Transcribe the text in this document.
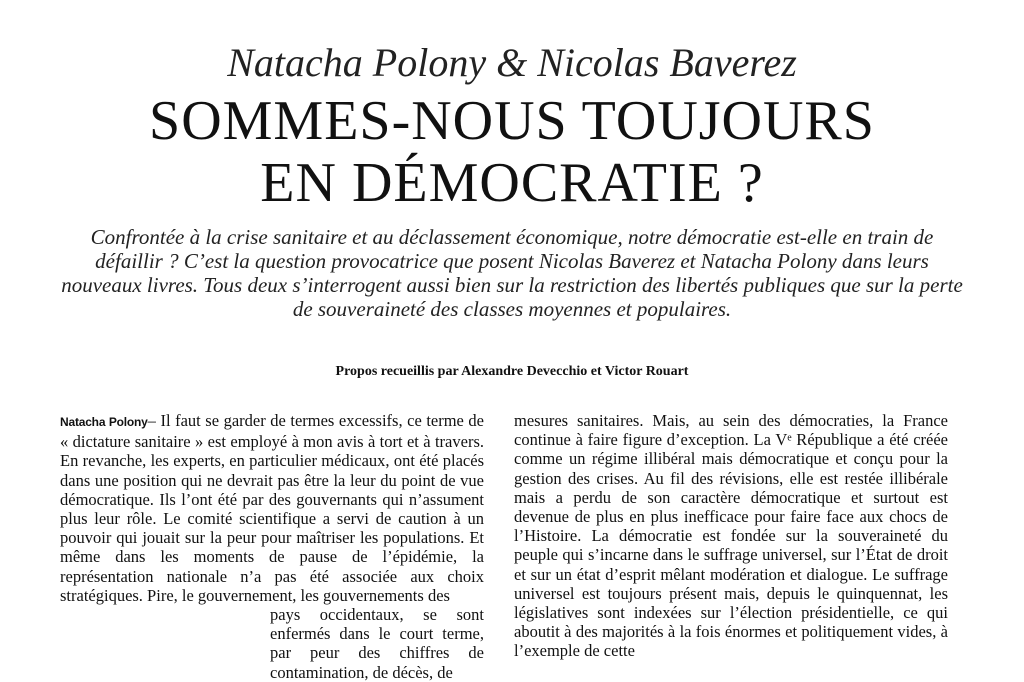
Natacha Polony & Nicolas Baverez
SOMMES-NOUS TOUJOURS
EN DÉMOCRATIE ?
Confrontée à la crise sanitaire et au déclassement économique, notre démocratie est-elle en train de défaillir ? C’est la question provocatrice que posent Nicolas Baverez et Natacha Polony dans leurs nouveaux livres. Tous deux s’interrogent aussi bien sur la restriction des libertés publiques que sur la perte de souveraineté des classes moyennes et populaires.
Propos recueillis par Alexandre Devecchio et Victor Rouart

Natacha Polony– Il faut se garder de termes excessifs, ce terme de « dictature sanitaire » est employé à mon avis à tort et à travers. En revanche, les experts, en particulier médicaux, ont été placés dans une position qui ne devrait pas être la leur du point de vue démocratique. Ils l’ont été par des gouvernants qui n’assument plus leur rôle. Le comité scientifique a servi de caution à un pouvoir qui jouait sur la peur pour maîtriser les populations. Et même dans les moments de pause de l’épidémie, la représentation nationale n’a pas été associée aux choix stratégiques. Pire, le gouvernement, les gouvernements des

pays occidentaux, se sont enfermés dans le court terme, par peur des chiffres de contamination, de décès, de

mesures sanitaires. Mais, au sein des démocraties, la France continue à faire figure d’exception. La Vᵉ République a été créée comme un régime illibéral mais démocratique et conçu pour la gestion des crises. Au fil des révisions, elle est restée illibérale mais a perdu de son caractère démocratique et surtout est devenue de plus en plus inefficace pour faire face aux chocs de l’Histoire. La démocratie est fondée sur la souveraineté du peuple qui s’incarne dans le suffrage universel, sur l’État de droit et sur un état d’esprit mêlant modération et dialogue. Le suffrage universel est toujours présent mais, depuis le quinquennat, les législatives sont indexées sur l’élection présidentielle, ce qui aboutit à des majorités à la fois énormes et politiquement vides, à l’exemple de cette
